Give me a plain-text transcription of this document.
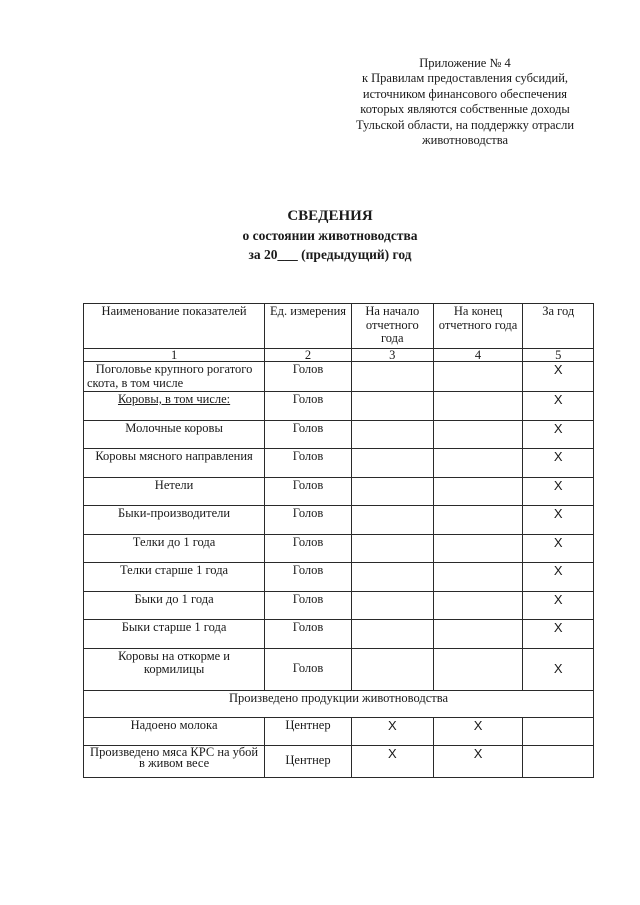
Приложение № 4
к Правилам предоставления субсидий,
источником финансового обеспечения
которых являются собственные доходы
Тульской области, на поддержку отрасли
животноводства
СВЕДЕНИЯ
о состоянии животноводства
за 20___ (предыдущий) год
Наименование показателей	Ед. измерения	На начало отчетного года	На конец отчетного года	За год
1	2	3	4	5
Поголовье крупного рогатого скота, в том числе	Голов			X
Коровы, в том числе:	Голов			X
Молочные коровы	Голов			X
Коровы мясного направления	Голов			X
Нетели	Голов			X
Быки-производители	Голов			X
Телки до 1 года	Голов			X
Телки старше 1 года	Голов			X
Быки до 1 года	Голов			X
Быки старше 1 года	Голов			X
Коровы на откорме и кормилицы	Голов			X
Произведено продукции животноводства				
Надоено молока	Центнер	X	X	
Произведено мяса КРС на убой в живом весе	Центнер	X	X	
